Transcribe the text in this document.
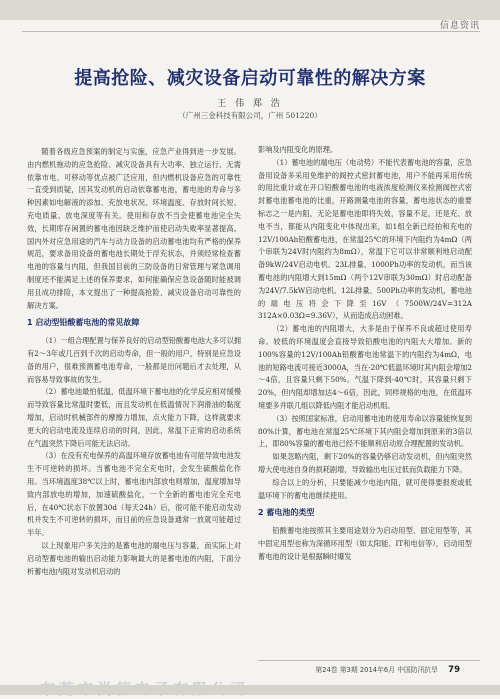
信息资讯
提高抢险、减灾设备启动可靠性的解决方案
王 伟 郑 浩
（广州三金科技有限公司，广州 501220）

随着各级应急预案的制定与实施，应急产业得到进一步发展。由内燃机拖动的应急抢险、减灾设备具有大功率、独立运行、无需依靠市电、可移动等优点被广泛应用，但内燃机设备应急的可靠性一直受到质疑，因其发动机的启动依靠蓄电池，蓄电池的寿命与多种因素如电解液的添加、充放电状况、环境温度、存放时间长短、充电质量、放电深度等有关。使用和存放不当会使蓄电池完全失效，长期库存闲置的蓄电池因缺乏维护而使启动失败率显著提高。国内外对应急用途的汽车与动力设备的启动蓄电池均有严格的保养规范，要求备用设备的蓄电池长期处于浮充状态，并须经常检查蓄电池的容量与内阻，但我国目前的三防设备的日常管理与紧急调用制度还不能满足上述的保养要求，如何能确保应急设备随时能被调用且成功排险，本文提出了一种提高抢险、减灾设备启动可靠性的解决方案。

1 启动型铅酸蓄电池的常见故障

（1）一组合理配置与保养良好的启动型铅酸蓄电池大多可以拥有2～3年或几百到千次的启动寿命，但一般的用户，特别是应急设备的用户，很难预测蓄电池寿命，一般都是出问题后才去处理，从而容易导致事故的发生。

（2）蓄电池最怕低温，低温环境下蓄电池的化学反应相对缓慢而导致容量比常温时要低，而且发动机在低温情况下润滑油的黏度增加，启动时机械部件的摩擦力增加，点火能力下降，这样就要求更大的启动电流及连续启动的时间，因此，常温下正常的启动系统在气温突然下降后可能无法启动。

（3）在没有充电保养的高温环境存放蓄电池有可能导致电池发生不可逆转的损坏。当蓄电池不完全充电时，会发生硫酸盐化作用。当环境温度38℃以上时，蓄电池内部放电则增加，温度增加导致内部放电的增加，加速硫酸盐化，一个全新的蓄电池完全充电后，在40℃状态下放置30d（每天24h）后，很可能不能启动发动机并发生不可逆转的损坏，而目前的应急设备通常一放就可能超过半年。

以上现象用户多关注的是蓄电池的端电压与容量，而实际上对启动型蓄电池的输出启动能力影响最大的是蓄电池的内阻，下面分析蓄电池内阻对发动机启动的

影响及内阻变化的原理。

（1）蓄电池的端电压（电动势）不能代表蓄电池的容量，应急备用设备多采用免维护的阀控式密封蓄电池，用户不能再采用传统的用比重计或在开口铅酸蓄电池的电液浓度检测仪来检测阀控式密封蓄电池蓄电池的比重，开路测量电池的容量，蓄电池状态的重要标志之一是内阻，无论是蓄电池即将失效，容量不足，还是充、放电不当，都能从内阻变化中体现出来，如1组全新已经拍和充电的12V/100Ah铅酸蓄电池，在常温25℃的环境下内阻约为4mΩ（两个串联为24V时内阻约为8mΩ），常温下它可以非常顺利地启动配备9kW/24V启动电机、23L排量、1000Ph功率的发动机，而当该蓄电池的内阻增大到15mΩ（两个12V串联为30mΩ）时启动配备为24V/7.5kW启动电机、12L排量、500Ph功率的发动机，蓄电池的端电压将会下降至16V（7500W/24V=312A 312A×0.03Ω=9.36V），从而造成启动困难。

（2）蓄电池的内阻增大，大多是由于保养不良或超过使用寿命。较低的环境温度会直接导致铅酸电池的内阻大大增加。新的100%容量的12V/100Ah铅酸蓄电池常温下的内阻约为4mΩ，电池的短路电流可接近3000A，当在-20℃低温环境时其内阻会增加2～4倍，且容量只剩下50%。气温下降到-40℃时，其容量只剩下20%，但内阻却增加达4～6倍，因此，同样规格的电池，在低温环境要多并联几组以降低内阻才能启动机组。

（3）按照国家标准，启动用蓄电池的使用寿命以容量能恢复到80%计算，蓄电池在常温25℃环境下其内阻会增加到原来的3倍以上，即80%容量的蓄电池已经不能顺利启动原合理配置的发动机。

如果忽略内阻，剩下20%的容量仍够启动发动机，但内阻突然增大使电池自身的损耗剧增，导致输出电压过低而负载能力下降。

综合以上的分析，只要能减少电池内阻，就可使得要报废或低温环境下的蓄电池继续使用。

2 蓄电池的类型

铅酸蓄电池按照其主要用途划分为启动用型、固定用型等，其中固定用型也称为深循环用型（如太阳能、IT和电信等），启动用型蓄电池的设计是根据瞬时爆发

第24卷 第3期 2014年6月 中国防汛抗旱 79
